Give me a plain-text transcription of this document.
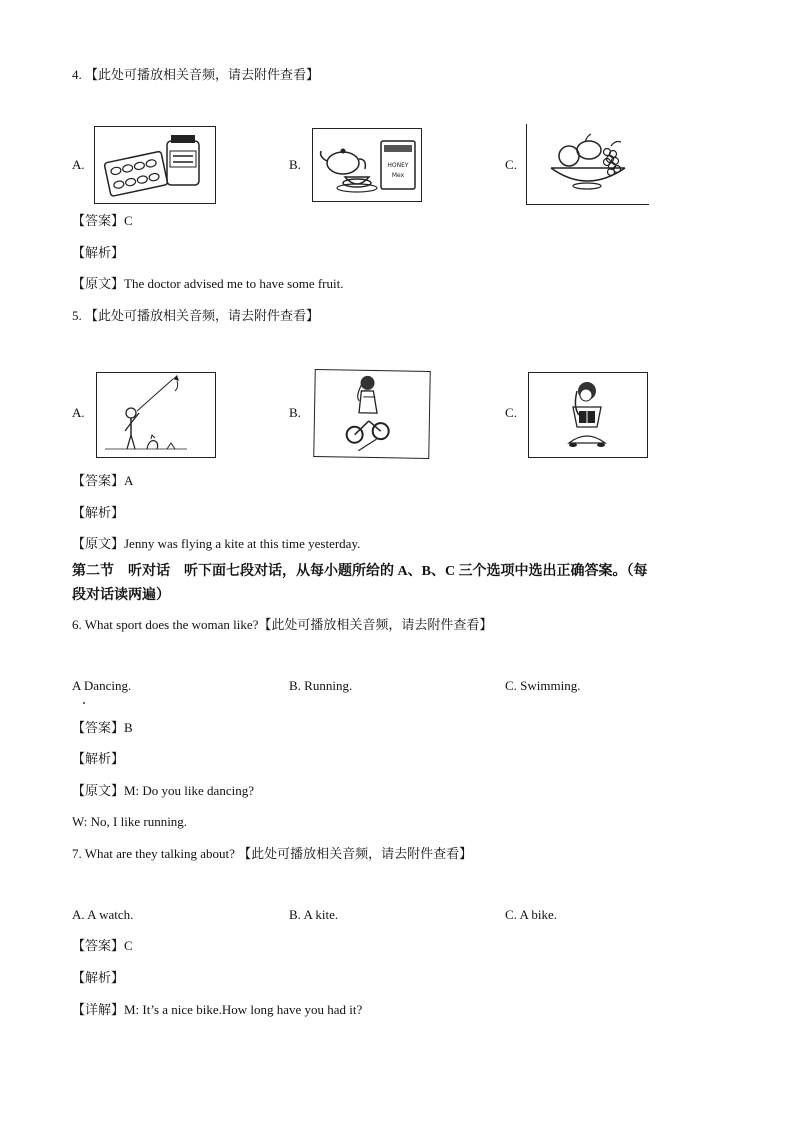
4. 【此处可播放相关音频，请去附件查看】
A.	B.	HONEY
Mex
C.
【答案】C
【解析】
【原文】The doctor advised me to have some fruit.
5. 【此处可播放相关音频，请去附件查看】
A.	B.	C.
【答案】A
【解析】
【原文】Jenny was flying a kite at this time yesterday.
第二节　听对话　听下面七段对话，从每小题所给的 A、B、C 三个选项中选出正确答案。（每
段对话读两遍）
6. What sport does the woman like?【此处可播放相关音频，请去附件查看】
A Dancing.	B. Running.	C. Swimming.
【答案】B
【解析】
【原文】M: Do you like dancing?
W: No, I like running.
7. What are they talking about? 【此处可播放相关音频，请去附件查看】
A. A watch.	B. A kite.	C. A bike.
【答案】C
【解析】
【详解】M: It’s a nice bike.How long have you had it?
